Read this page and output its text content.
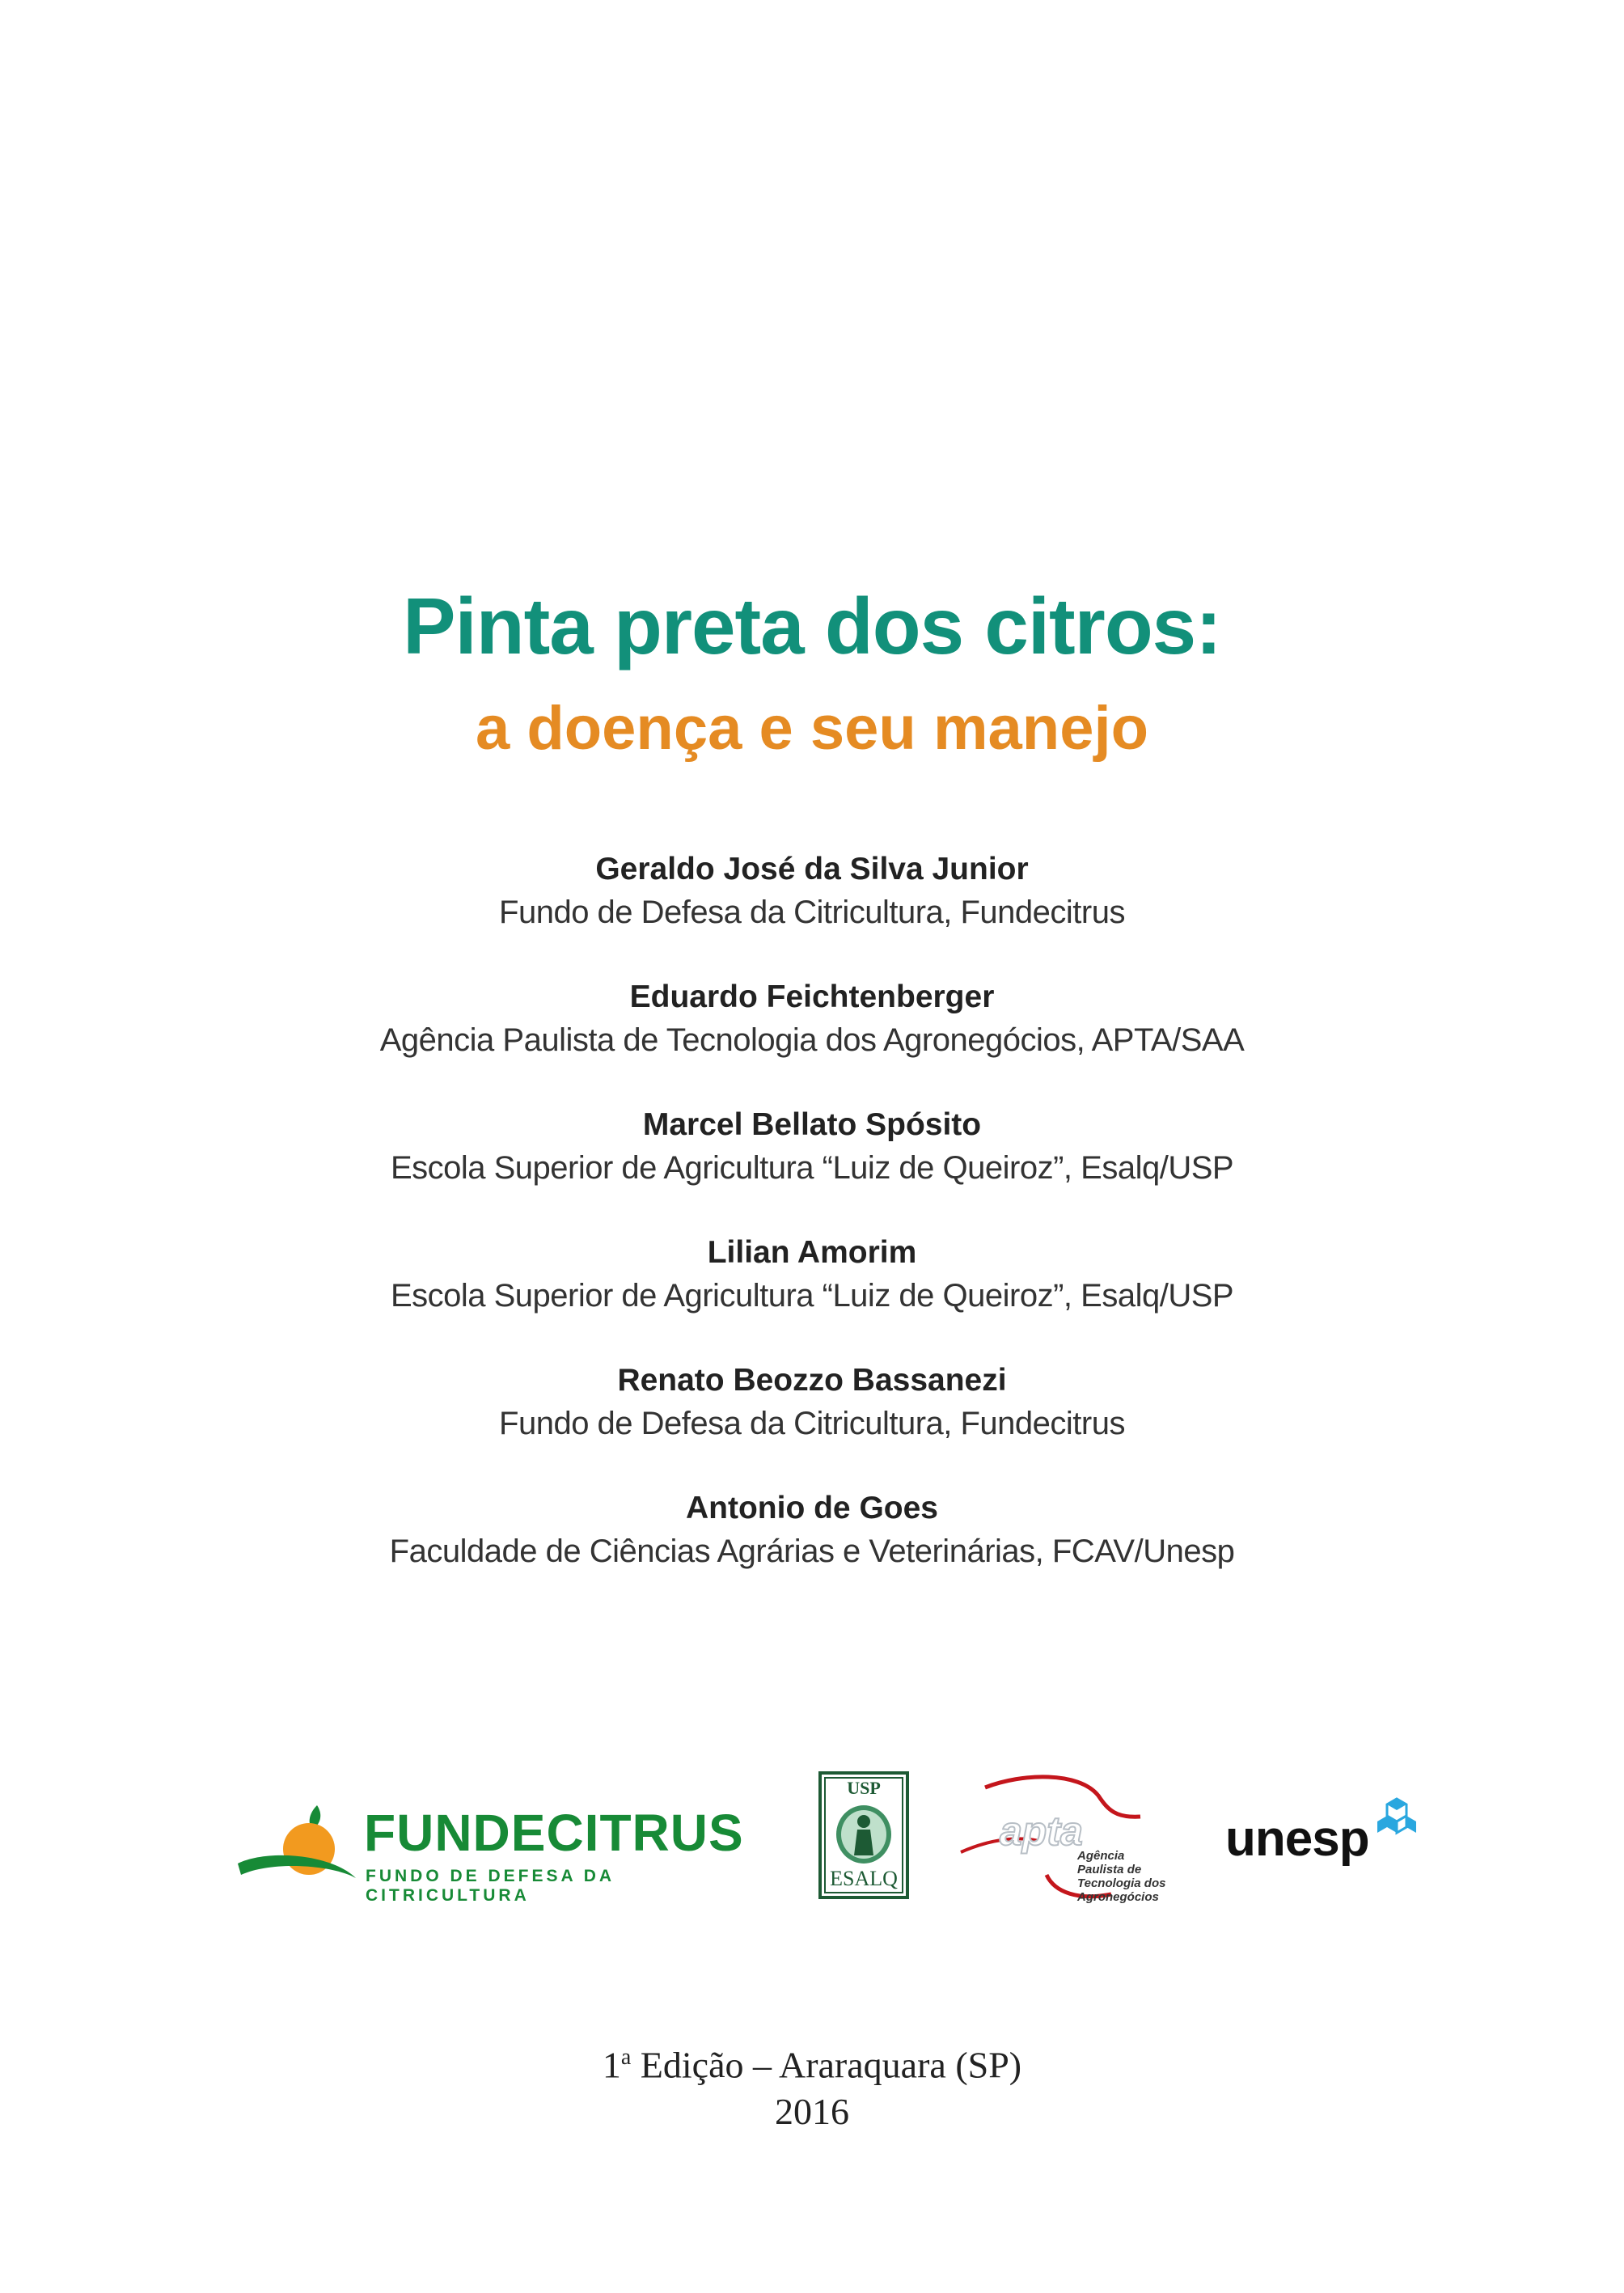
Pinta preta dos citros:
a doença e seu manejo
Geraldo José da Silva Junior
Fundo de Defesa da Citricultura, Fundecitrus
Eduardo Feichtenberger
Agência Paulista de Tecnologia dos Agronegócios, APTA/SAA
Marcel Bellato Spósito
Escola Superior de Agricultura “Luiz de Queiroz”, Esalq/USP
Lilian Amorim
Escola Superior de Agricultura “Luiz de Queiroz”, Esalq/USP
Renato Beozzo Bassanezi
Fundo de Defesa da Citricultura, Fundecitrus
Antonio de Goes
Faculdade de Ciências Agrárias e Veterinárias, FCAV/Unesp
FUNDECITRUS
FUNDO DE DEFESA DA CITRICULTURA
USP
ESALQ
apta
Agência Paulista de Tecnologia dos Agronegócios
unesp
1$^a$ Edição – Araraquara (SP)
2016
